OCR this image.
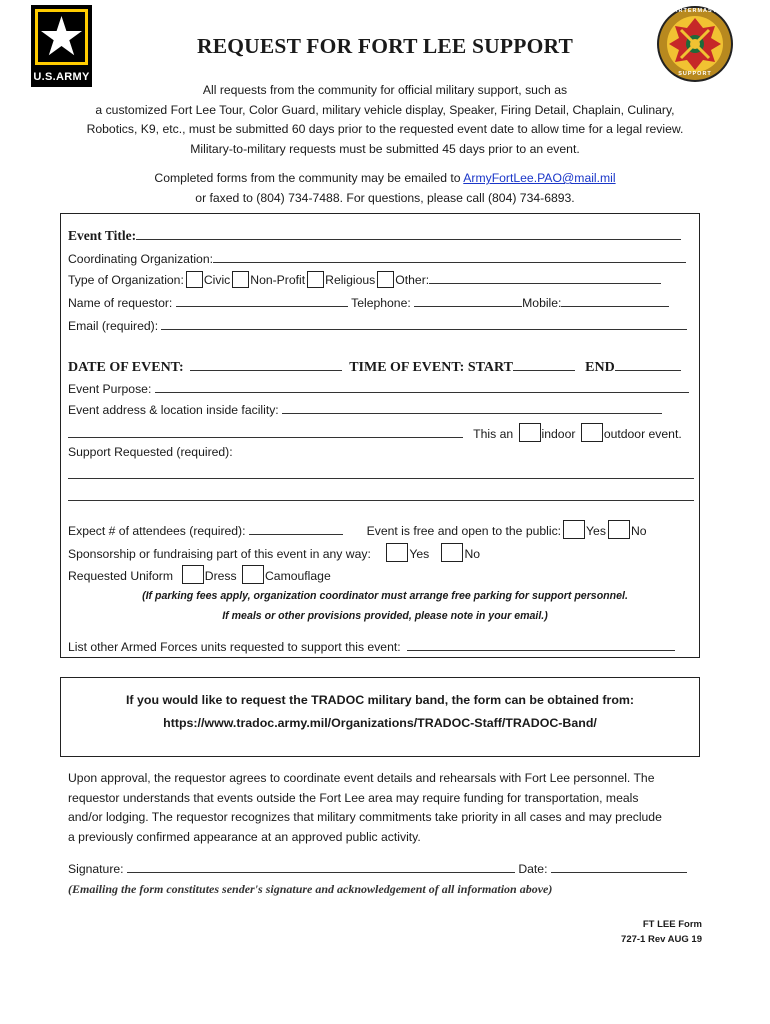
U.S.ARMY
QUARTERMASTER
SUPPORT
REQUEST FOR FORT LEE SUPPORT

All requests from the community for official military support, such as

a customized Fort Lee Tour, Color Guard, military vehicle display, Speaker, Firing Detail, Chaplain, Culinary,

Robotics, K9, etc., must be submitted 60 days prior to the requested event date to allow time for a legal review.

Military-to-military requests must be submitted 45 days prior to an event.

Completed forms from the community may be emailed to ArmyFortLee.PAO@mail.mil

or faxed to (804) 734-7488. For questions, please call (804) 734-6893.

Event Title:
Coordinating Organization:
Type of Organization: Civic Non-Profit Religious Other:
Name of requestor:	Telephone:	Mobile:
Email (required):
DATE OF EVENT:	TIME OF EVENT: START	END
Event Purpose:
Event address & location inside facility:
This an indoor outdoor event.
Support Requested (required):
Expect # of attendees (required):	Event is free and open to the public: Yes No
Sponsorship or fundraising part of this event in any way:	Yes	No
Requested Uniform	Dress Camouflage
(If parking fees apply, organization coordinator must arrange free parking for support personnel.
If meals or other provisions provided, please note in your email.)
List other Armed Forces units requested to support this event:
If you would like to request the TRADOC military band, the form can be obtained from:
https://www.tradoc.army.mil/Organizations/TRADOC-Staff/TRADOC-Band/
Upon approval, the requestor agrees to coordinate event details and rehearsals with Fort Lee personnel. The
requestor understands that events outside the Fort Lee area may require funding for transportation, meals
and/or lodging. The requestor recognizes that military commitments take priority in all cases and may preclude
a previously confirmed appearance at an approved public activity.
Signature:	Date:
(Emailing the form constitutes sender's signature and acknowledgement of all information above)
FT LEE Form
727-1 Rev AUG 19
